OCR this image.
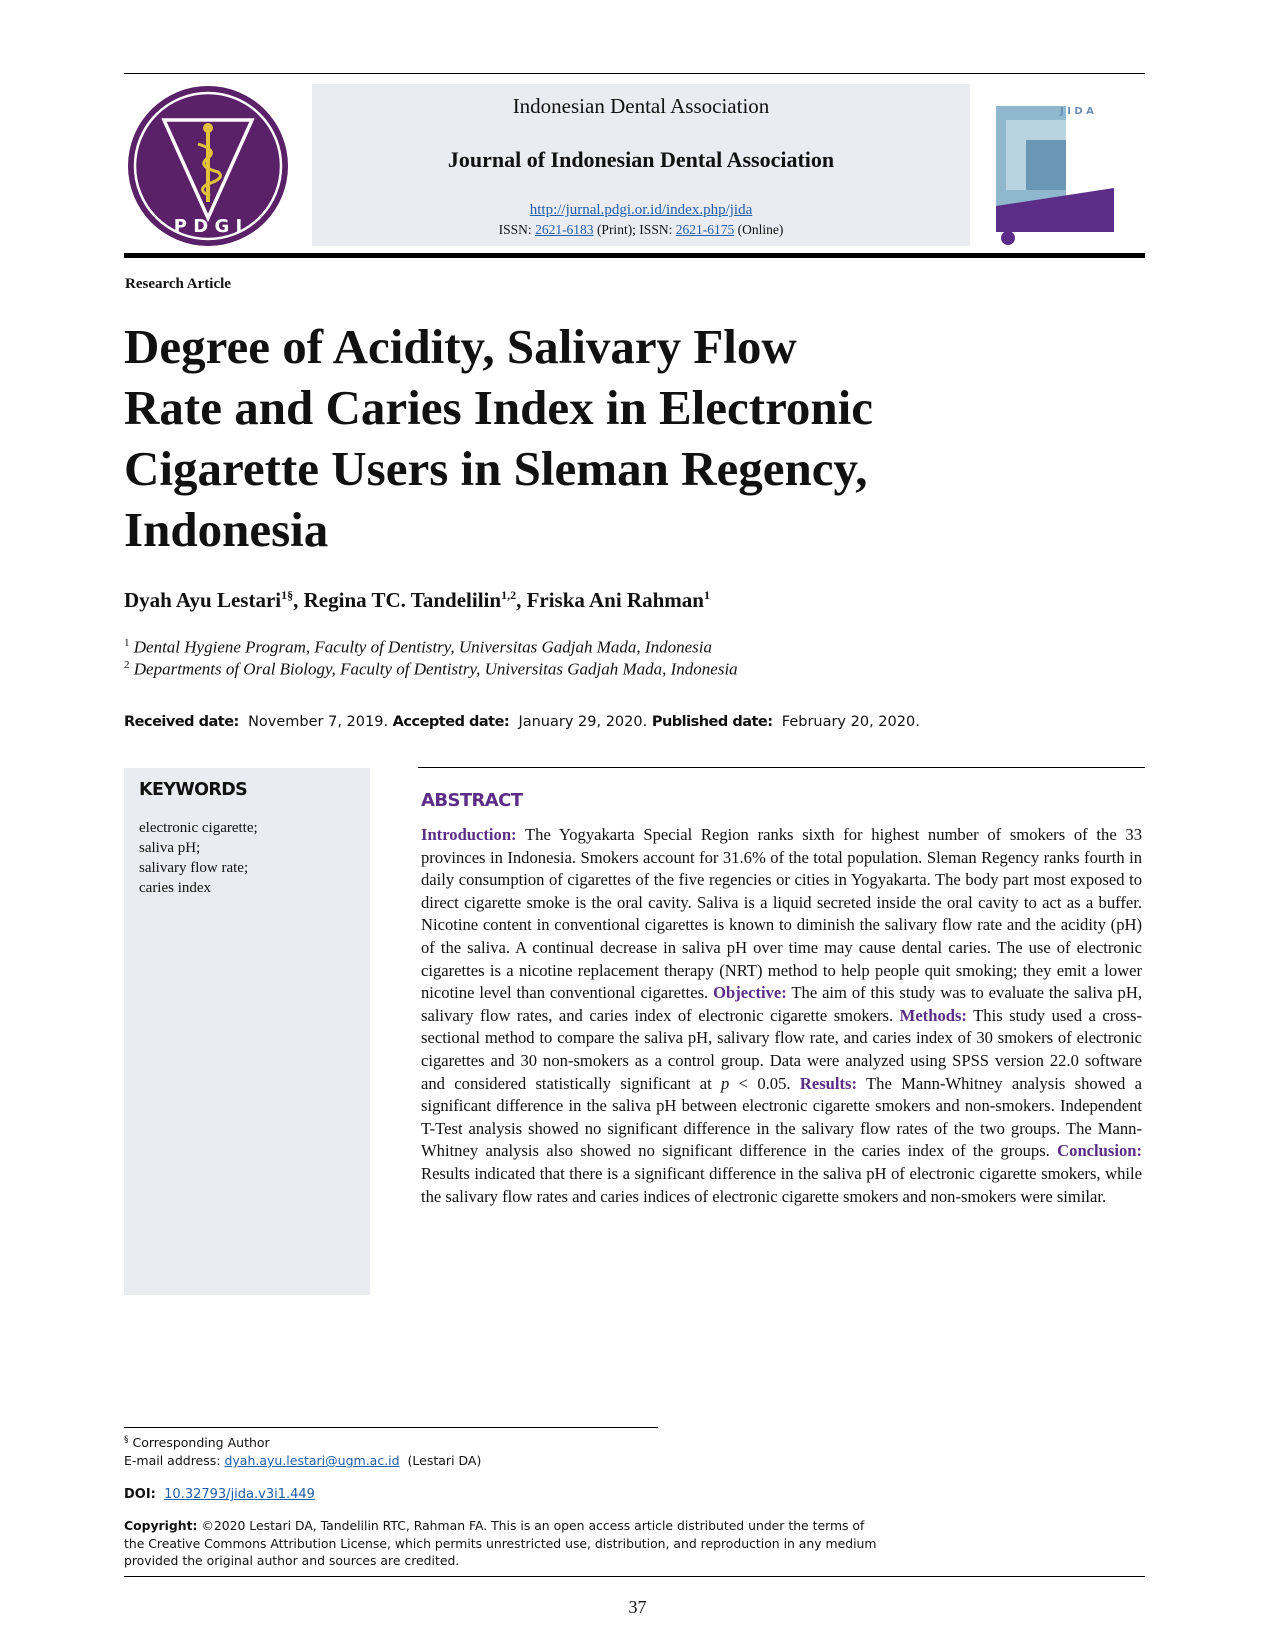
P D G I
Indonesian Dental Association
Journal of Indonesian Dental Association
http://jurnal.pdgi.or.id/index.php/jida
ISSN: 2621-6183 (Print); ISSN: 2621-6175 (Online)
J I D A
Research Article
Degree of Acidity, Salivary Flow Rate and Caries Index in Electronic Cigarette Users in Sleman Regency, Indonesia
Dyah Ayu Lestari$^{1\S}$, Regina TC. Tandelilin$^{1,2}$, Friska Ani Rahman$^1$
$^1$ Dental Hygiene Program, Faculty of Dentistry, Universitas Gadjah Mada, Indonesia
$^2$ Departments of Oral Biology, Faculty of Dentistry, Universitas Gadjah Mada, Indonesia
Received date: November 7, 2019. Accepted date: January 29, 2020. Published date: February 20, 2020.
KEYWORDS
electronic cigarette;
saliva pH;
salivary flow rate;
caries index
ABSTRACT
Introduction: The Yogyakarta Special Region ranks sixth for highest number of smokers of the 33 provinces in Indonesia. Smokers account for 31.6% of the total population. Sleman Regency ranks fourth in daily consumption of cigarettes of the five regencies or cities in Yogyakarta. The body part most exposed to direct cigarette smoke is the oral cavity. Saliva is a liquid secreted inside the oral cavity to act as a buffer. Nicotine content in conventional cigarettes is known to diminish the salivary flow rate and the acidity (pH) of the saliva. A continual decrease in saliva pH over time may cause dental caries. The use of electronic cigarettes is a nicotine replacement therapy (NRT) method to help people quit smoking; they emit a lower nicotine level than conventional cigarettes. Objective: The aim of this study was to evaluate the saliva pH, salivary flow rates, and caries index of electronic cigarette smokers. Methods: This study used a cross-sectional method to compare the saliva pH, salivary flow rate, and caries index of 30 smokers of electronic cigarettes and 30 non-smokers as a control group. Data were analyzed using SPSS version 22.0 software and considered statistically significant at p < 0.05. Results: The Mann-Whitney analysis showed a significant difference in the saliva pH between electronic cigarette smokers and non-smokers. Independent T-Test analysis showed no significant difference in the salivary flow rates of the two groups. The Mann-Whitney analysis also showed no significant difference in the caries index of the groups. Conclusion: Results indicated that there is a significant difference in the saliva pH of electronic cigarette smokers, while the salivary flow rates and caries indices of electronic cigarette smokers and non-smokers were similar.
§ Corresponding Author
E-mail address: dyah.ayu.lestari@ugm.ac.id (Lestari DA)
DOI: 10.32793/jida.v3i1.449
Copyright: ©2020 Lestari DA, Tandelilin RTC, Rahman FA. This is an open access article distributed under the terms of the Creative Commons Attribution License, which permits unrestricted use, distribution, and reproduction in any medium provided the original author and sources are credited.
37
